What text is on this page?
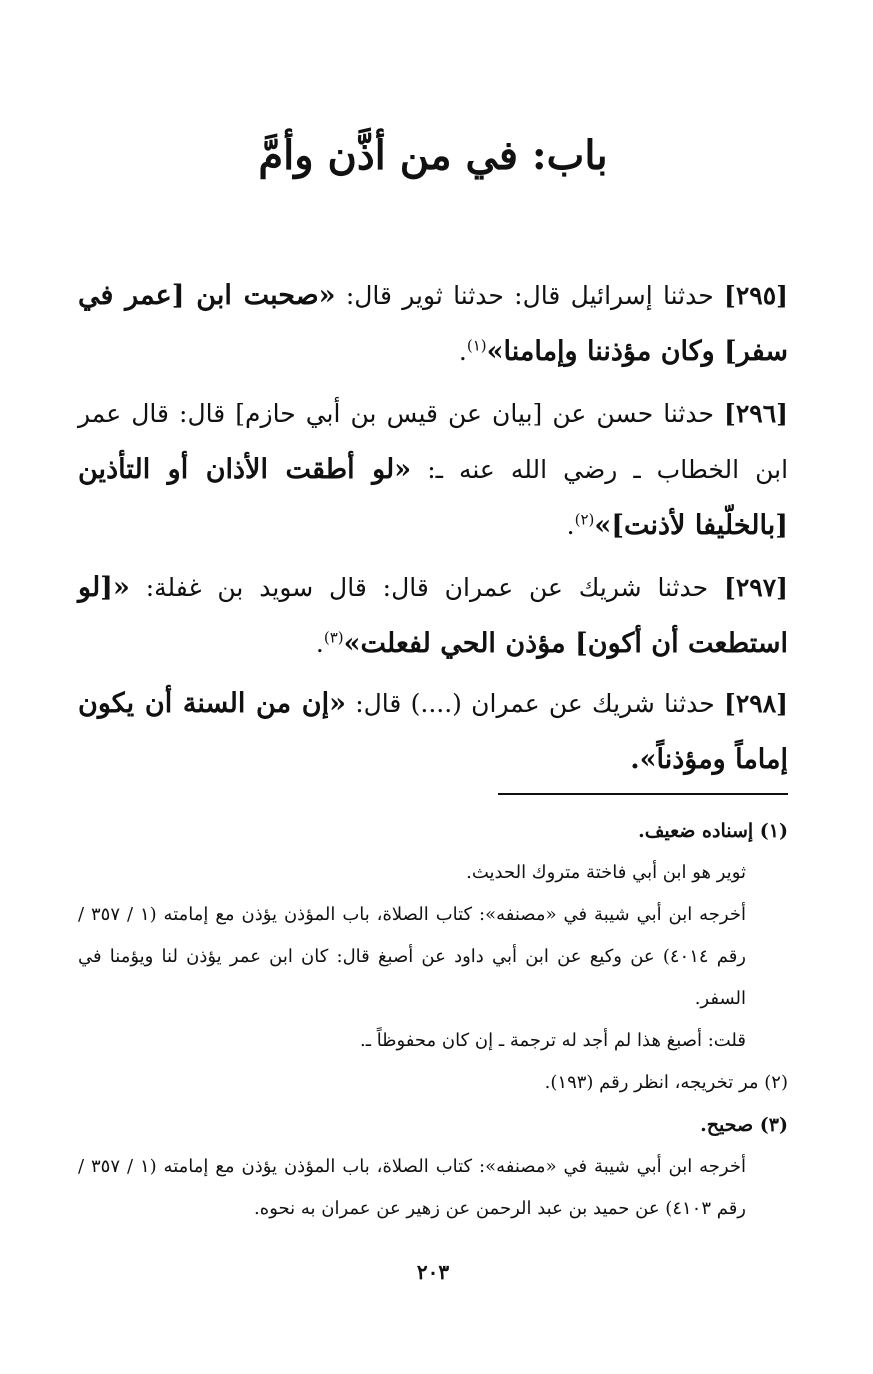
باب: في من أذَّن وأمَّ

[٢٩٥] حدثنا إسرائيل قال: حدثنا ثوير قال: «صحبت ابن [عمر في سفر] وكان مؤذننا وإمامنا»$^{(١)}$.

[٢٩٦] حدثنا حسن عن [بيان عن قيس بن أبي حازم] قال: قال عمر ابن الخطاب ـ رضي الله عنه ـ: «لو أطقت الأذان أو التأذين [بالخلّيفا لأذنت]»$^{(٢)}$.

[٢٩٧] حدثنا شريك عن عمران قال: قال سويد بن غفلة: «[لو استطعت أن أكون] مؤذن الحي لفعلت»$^{(٣)}$.

[٢٩٨] حدثنا شريك عن عمران (....) قال: «إن من السنة أن يكون إماماً ومؤذناً».

(١) إسناده ضعيف.

ثوير هو ابن أبي فاختة متروك الحديث.

أخرجه ابن أبي شيبة في «مصنفه»: كتاب الصلاة، باب المؤذن يؤذن مع إمامته (١ / ٣٥٧ / رقم ٤٠١٤) عن وكيع عن ابن أبي داود عن أصبغ قال: كان ابن عمر يؤذن لنا ويؤمنا في السفر.

قلت: أصبغ هذا لم أجد له ترجمة ـ إن كان محفوظاً ـ.

(٢) مر تخريجه، انظر رقم (١٩٣).

(٣) صحيح.

أخرجه ابن أبي شيبة في «مصنفه»: كتاب الصلاة، باب المؤذن يؤذن مع إمامته (١ / ٣٥٧ / رقم ٤١٠٣) عن حميد بن عبد الرحمن عن زهير عن عمران به نحوه.

٢٠٣
